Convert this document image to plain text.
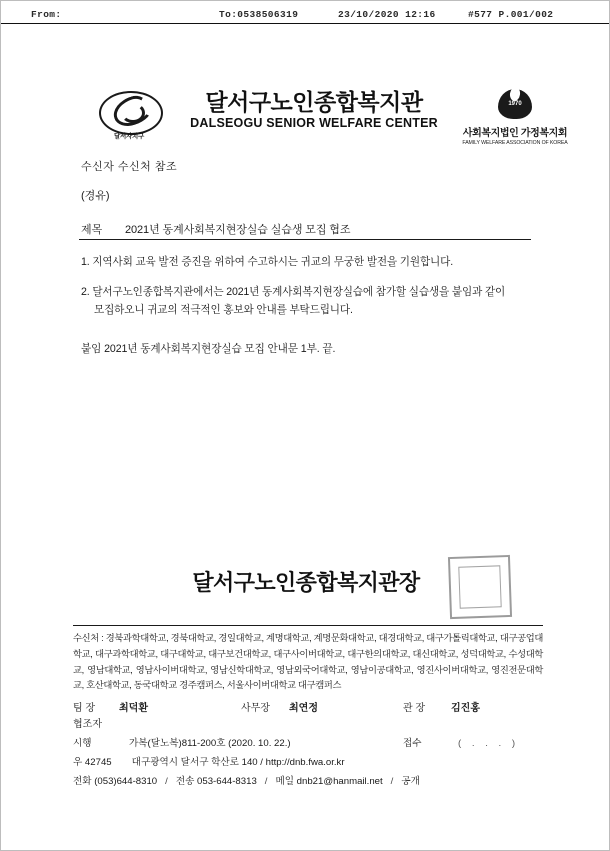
From:	To:0538506319	23/10/2020 12:16	#577 P.001/002
달서자치구
달서구노인종합복지관
DALSEOGU SENIOR WELFARE CENTER
1970
사회복지법인 가정복지회
FAMILY WELFARE ASSOCIATION OF KOREA
수신자 수신처 참조
(경유)
제목 2021년 동계사회복지현장실습 실습생 모집 협조
1. 지역사회 교육 발전 증진을 위하여 수고하시는 귀교의 무궁한 발전을 기원합니다.
2. 달서구노인종합복지관에서는 2021년 동계사회복지현장실습에 참가할 실습생을 붙임과 같이
모집하오니 귀교의 적극적인 홍보와 안내를 부탁드립니다.
붙임 2021년 동계사회복지현장실습 모집 안내문 1부. 끝.
달서구노인종합복지관장
수신처 : 경북과학대학교, 경북대학교, 경일대학교, 계명대학교, 계명문화대학교, 대경대학교, 대구가톨릭대학교, 대구공업대학교, 대구과학대학교, 대구대학교, 대구보건대학교, 대구사이버대학교, 대구한의대학교, 대신대학교, 성덕대학교, 수성대학교, 영남대학교, 영남사이버대학교, 영남신학대학교, 영남외국어대학교, 영남이공대학교, 영진사이버대학교, 영진전문대학교, 호산대학교, 동국대학교 경주캠퍼스, 서울사이버대학교 대구캠퍼스
팀 장 최덕환	사무장 최연정	관 장	김진홍
협조자
시행	가복(달노복)811-200호 (2020. 10. 22.)	접수	( . . . )
우 42745 대구광역시 달서구 학산로 140 / http://dnb.fwa.or.kr
전화 (053)644-8310   /   전송 053-644-8313   /   메일 dnb21@hanmail.net   /   공개
